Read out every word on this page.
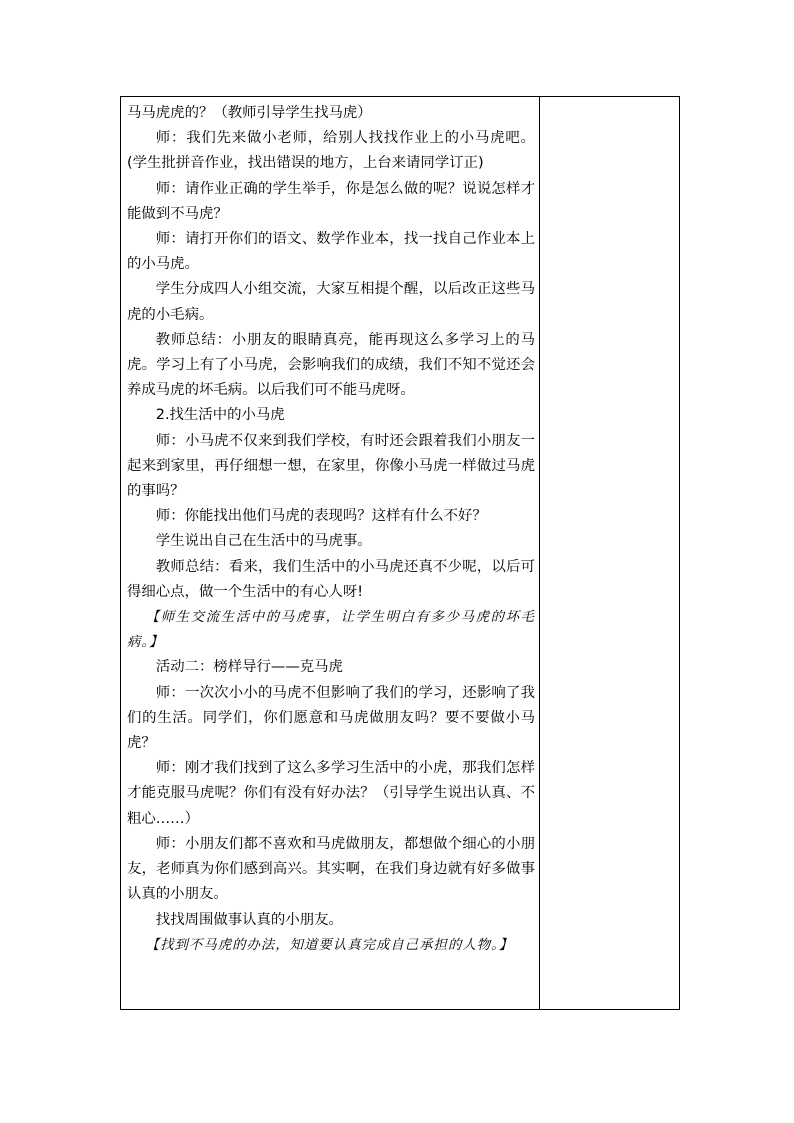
马马虎虎的？（教师引导学生找马虎）

师：我们先来做小老师，给别人找找作业上的小马虎吧。(学生批拼音作业，找出错误的地方，上台来请同学订正)

师：请作业正确的学生举手，你是怎么做的呢？说说怎样才能做到不马虎？

师：请打开你们的语文、数学作业本，找一找自己作业本上的小马虎。

学生分成四人小组交流，大家互相提个醒，以后改正这些马虎的小毛病。

教师总结：小朋友的眼睛真亮，能再现这么多学习上的马虎。学习上有了小马虎，会影响我们的成绩，我们不知不觉还会养成马虎的坏毛病。以后我们可不能马虎呀。

2.找生活中的小马虎

师：小马虎不仅来到我们学校，有时还会跟着我们小朋友一起来到家里，再仔细想一想，在家里，你像小马虎一样做过马虎的事吗？

师：你能找出他们马虎的表现吗？这样有什么不好？

学生说出自己在生活中的马虎事。

教师总结：看来，我们生活中的小马虎还真不少呢，以后可得细心点，做一个生活中的有心人呀!

【师生交流生活中的马虎事，让学生明白有多少马虎的坏毛病。】

活动二：榜样导行——克马虎

师：一次次小小的马虎不但影响了我们的学习，还影响了我们的生活。同学们，你们愿意和马虎做朋友吗？要不要做小马虎？

师：刚才我们找到了这么多学习生活中的小虎，那我们怎样才能克服马虎呢？你们有没有好办法？（引导学生说出认真、不粗心……）

师：小朋友们都不喜欢和马虎做朋友，都想做个细心的小朋友，老师真为你们感到高兴。其实啊，在我们身边就有好多做事认真的小朋友。

找找周围做事认真的小朋友。

【找到不马虎的办法，知道要认真完成自己承担的人物。】
